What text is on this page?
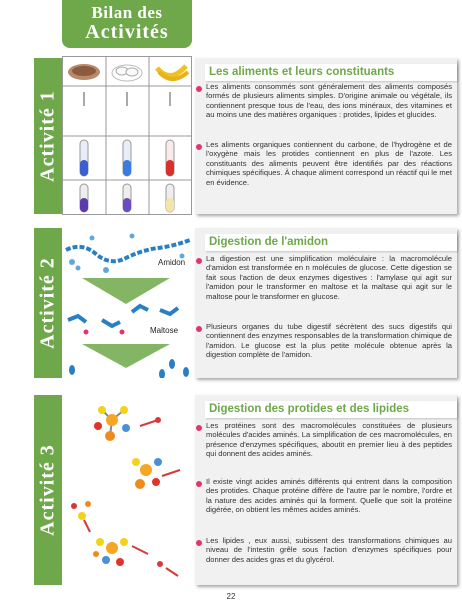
Bilan des
Activités
Activité 1
Les aliments et leurs constituants
Les aliments consommés sont généralement des aliments composés formés de plusieurs aliments simples. D'origine animale ou végétale, ils contiennent presque tous de l'eau, des ions minéraux, des vitamines et au moins une des matières organiques : protides, lipides et glucides.
Les aliments organiques contiennent du carbone, de l'hydrogène et de l'oxygène mais les protides contiennent en plus de l'azote. Les constituants des aliments peuvent être identifiés par des réactions chimiques spécifiques. À chaque aliment correspond un réactif qui le met en évidence.
Activité 2	Amidon
Maltose
Digestion de l'amidon
La digestion est une simplification moléculaire : la macromolécule d'amidon est transformée en n molécules de glucose. Cette digestion se fait sous l'action de deux enzymes digestives : l'amylase qui agit sur l'amidon pour le transformer en maltose et la maltase qui agit sur le maltose pour le transformer en glucose.
Plusieurs organes du tube digestif sécrètent des sucs digestifs qui contiennent des enzymes responsables de la transformation chimique de l'amidon. Le glucose est la plus petite molécule obtenue après la digestion complète de l'amidon.
Activité 3
Digestion des protides et des lipides
Les protéines sont des macromolécules constituées de plusieurs molécules d'acides aminés. La simplification de ces macromolécules, en présence d'enzymes spécifiques, aboutit en premier lieu à des peptides qui donnent des acides aminés.
Il existe vingt acides aminés différents qui entrent dans la composition des protides. Chaque protéine diffère de l'autre par le nombre, l'ordre et la nature des acides aminés qui la forment. Quelle que soit la protéine digérée, on obtient les mêmes acides aminés.
Les lipides , eux aussi, subissent des transformations chimiques au niveau de l'intestin grêle sous l'action d'enzymes spécifiques pour donner des acides gras et du glycérol.
22
